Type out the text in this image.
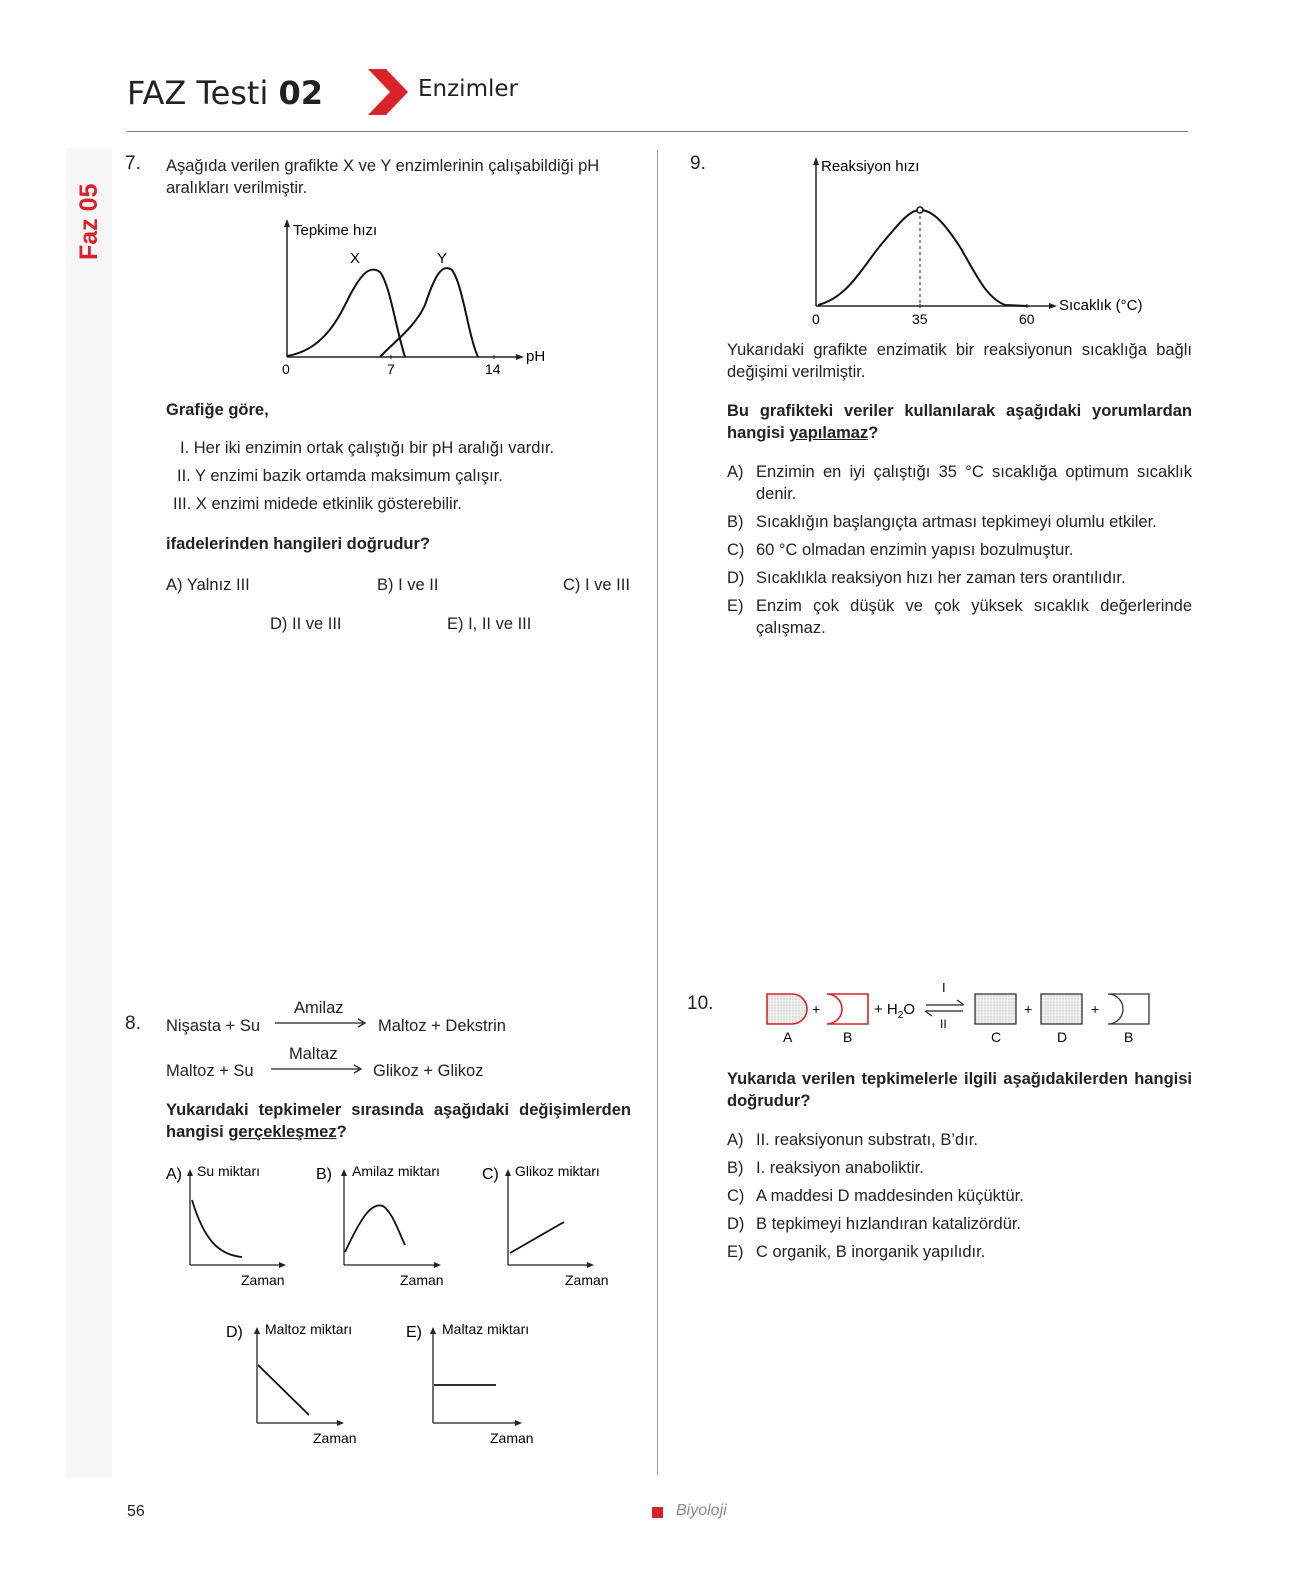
FAZ Testi 02	Enzimler
Faz 05
7. Aşağıda verilen grafikte X ve Y enzimlerinin çalışabildiği pH aralıkları verilmiştir.
Tepkime hızı
pH
0	7	14
X	Y
Grafiğe göre,
I. Her iki enzimin ortak çalıştığı bir pH aralığı vardır.
II. Y enzimi bazik ortamda maksimum çalışır.
III. X enzimi midede etkinlik gösterebilir.
ifadelerinden hangileri doğrudur?
A) Yalnız III	B) I ve II	C) I ve III
D) II ve III	E) I, II ve III
8. Nişasta + Su
Amilaz
Maltoz + Dekstrin
Maltoz + Su
Maltaz
Glikoz + Glikoz
Yukarıdaki tepkimeler sırasında aşağıdaki değişimlerden hangisi gerçekleşmez?
A) Su miktarı
Zaman
B) Amilaz miktarı
Zaman
C) Glikoz miktarı
Zaman
D) Maltoz miktarı
Zaman
E) Maltaz miktarı
Zaman
9.	Reaksiyon hızı
Sıcaklık (°C)
0	35	60
Yukarıdaki grafikte enzimatik bir reaksiyonun sıcaklığa bağlı değişimi verilmiştir.
Bu grafikteki veriler kullanılarak aşağıdaki yorumlardan hangisi yapılamaz?
A) Enzimin en iyi çalıştığı 35 °C sıcaklığa optimum sıcaklık denir.
B) Sıcaklığın başlangıçta artması tepkimeyi olumlu etkiler.
C) 60 °C olmadan enzimin yapısı bozulmuştur.
D) Sıcaklıkla reaksiyon hızı her zaman ters orantılıdır.
E) Enzim çok düşük ve çok yüksek sıcaklık değerlerinde çalışmaz.
10.	+	+ $H_2O$
I
II
+	+
A	B	C	D	B
Yukarıda verilen tepkimelerle ilgili aşağıdakilerden hangisi doğrudur?
A) II. reaksiyonun substratı, B’dır.
B) I. reaksiyon anaboliktir.
C) A maddesi D maddesinden küçüktür.
D) B tepkimeyi hızlandıran katalizördür.
E) C organik, B inorganik yapılıdır.
56	Biyoloji
